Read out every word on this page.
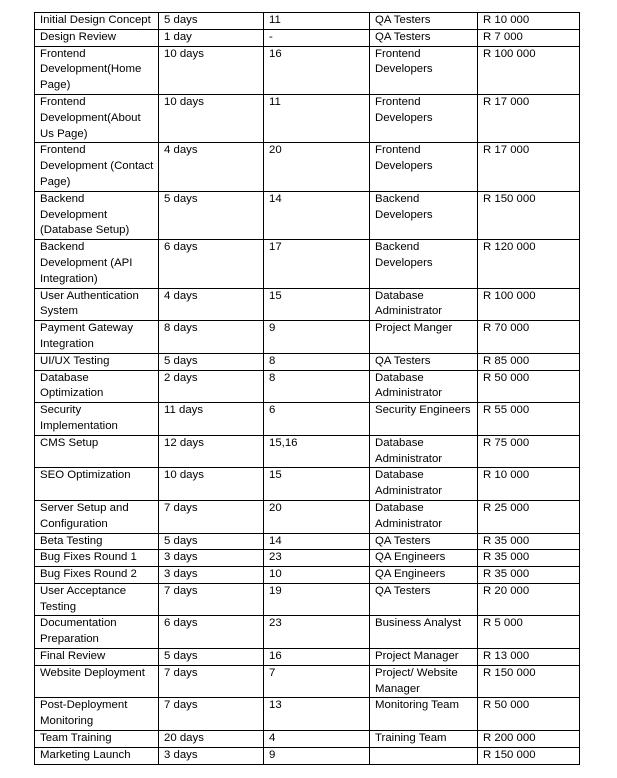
Initial Design Concept	5 days	11	QA Testers	R 10 000
Design Review	1 day	-	QA Testers	R 7 000
Frontend Development(Home Page)	10 days	16	Frontend Developers	R 100 000
Frontend Development(About Us Page)	10 days	11	Frontend Developers	R 17 000
Frontend Development (Contact Page)	4 days	20	Frontend Developers	R 17 000
Backend Development (Database Setup)	5 days	14	Backend Developers	R 150 000
Backend Development (API Integration)	6 days	17	Backend Developers	R 120 000
User Authentication System	4 days	15	Database Administrator	R 100 000
Payment Gateway Integration	8 days	9	Project Manger	R 70 000
UI/UX Testing	5 days	8	QA Testers	R 85 000
Database Optimization	2 days	8	Database Administrator	R 50 000
Security Implementation	11 days	6	Security Engineers	R 55 000
CMS Setup	12 days	15,16	Database Administrator	R 75 000
SEO Optimization	10 days	15	Database Administrator	R 10 000
Server Setup and Configuration	7 days	20	Database Administrator	R 25 000
Beta Testing	5 days	14	QA Testers	R 35 000
Bug Fixes Round 1	3 days	23	QA Engineers	R 35 000
Bug Fixes Round 2	3 days	10	QA Engineers	R 35 000
User Acceptance Testing	7 days	19	QA Testers	R 20 000
Documentation Preparation	6 days	23	Business Analyst	R 5 000
Final Review	5 days	16	Project Manager	R 13 000
Website Deployment	7 days	7	Project/ Website Manager	R 150 000
Post-Deployment Monitoring	7 days	13	Monitoring Team	R 50 000
Team Training	20 days	4	Training Team	R 200 000
Marketing Launch	3 days	9		R 150 000
